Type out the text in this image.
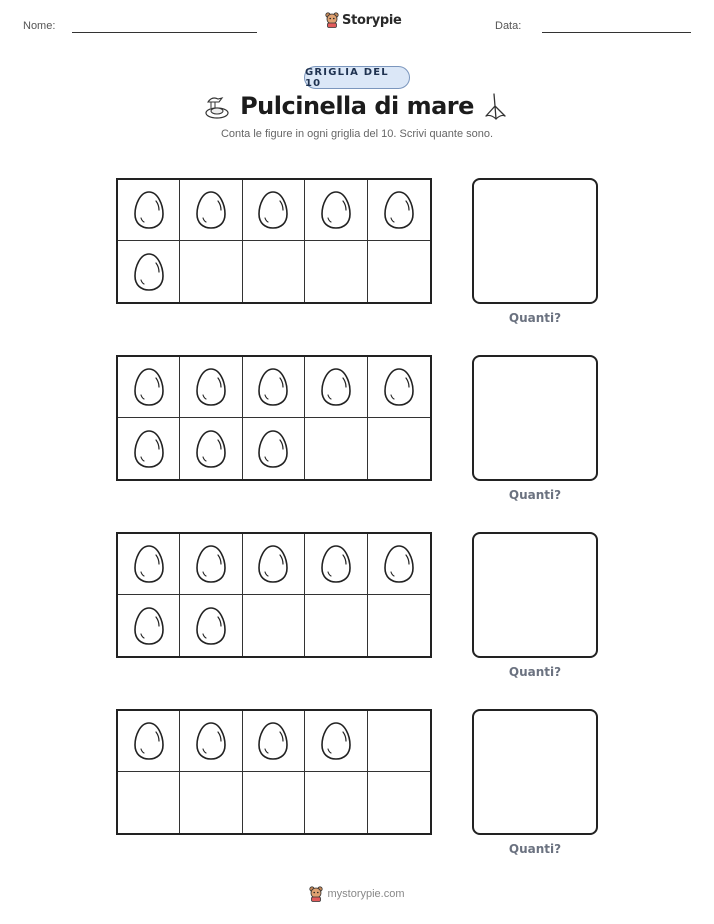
Nome:	Storypie	Data:
GRIGLIA DEL 10
Pulcinella di mare
Conta le figure in ogni griglia del 10. Scrivi quante sono.
Quanti?
Quanti?
Quanti?
Quanti?
mystorypie.com
